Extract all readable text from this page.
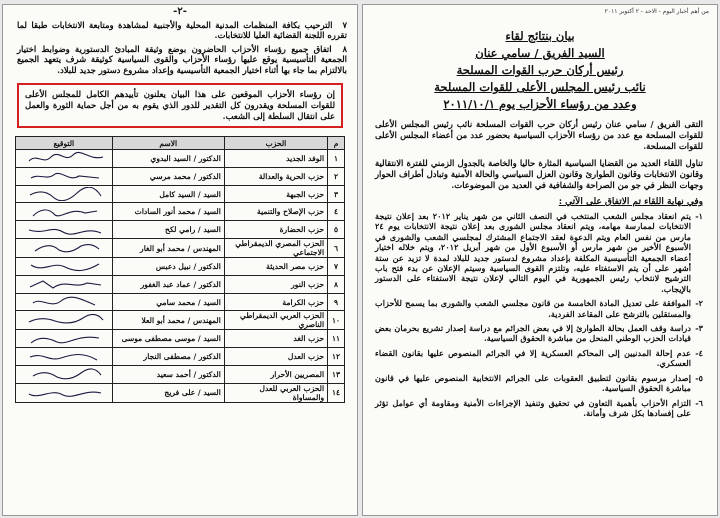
-٢-
٧ الترحيب بكافة المنظمات المدنية المحلية والأجنبية لمشاهدة ومتابعة الانتخابات طبقا لما تقرره اللجنة القضائية العليا للانتخابات.
٨ اتفاق جميع رؤساء الأحزاب الحاضرون بوضع وثيقة المبادئ الدستورية وضوابط اختيار الجمعية التأسيسية يوقع عليها رؤساء الأحزاب والقوى السياسية كوثيقة شرف يتعهد الجميع بالالتزام بما جاء بها أثناء اختيار الجمعية التأسيسية وإعداد مشروع دستور جديد للبلاد.
إن رؤساء الأحزاب الموقعين على هذا البيان يعلنون تأييدهم الكامل للمجلس الأعلى للقوات المسلحة ويقدرون كل التقدير للدور الذي يقوم به من أجل حماية الثورة والعمل على انتقال السلطة إلى الشعب.
م	الحزب	الاسم	التوقيع
١	الوفد الجديد	الدكتور / السيد البدوي	

٢	حزب الحرية والعدالة	الدكتور / محمد مرسي	

٣	حزب الجبهة	السيد / السيد كامل	

٤	حزب الإصلاح والتنمية	السيد / محمد أنور السادات	

٥	حزب الحضارة	السيد / رامي لكح	

٦	الحزب المصري الديمقراطي الاجتماعي	المهندس / محمد أبو الغار	

٧	حزب مصر الحديثة	الدكتور / نبيل دعبس	

٨	حزب النور	الدكتور / عماد عبد الغفور	

٩	حزب الكرامة	السيد / محمد سامي	

١٠	الحزب العربي الديمقراطي الناصري	المهندس / محمد أبو العلا	

١١	حزب الغد	السيد / موسى مصطفى موسى	

١٢	حزب العدل	الدكتور / مصطفى النجار	

١٣	المصريين الأحرار	الدكتور / أحمد سعيد	

١٤	الحزب العربي للعدل والمساواة	السيد / على فريج	
من أهم أخبار اليوم - الاحد - ٢ أكتوبر ٢٠١١
بيان بنتائج لقاء
السيد الفريق / سامي عنان
رئيس أركان حرب القوات المسلحة
نائب رئيس المجلس الأعلى للقوات المسلحة
وعدد من رؤساء الأحزاب يوم ٢٠١١/١٠/١
التقى الفريق / سامي عنان رئيس أركان حرب القوات المسلحة نائب رئيس المجلس الأعلى للقوات المسلحة مع عدد من رؤساء الأحزاب السياسية بحضور عدد من أعضاء المجلس الأعلى للقوات المسلحة.
تناول اللقاء العديد من القضايا السياسية المثارة حاليا والخاصة بالجدول الزمني للفترة الانتقالية وقانون الانتخابات وقانون الطوارئ وقانون العزل السياسي والحالة الأمنية وتبادل أطراف الحوار وجهات النظر في جو من الصراحة والشفافية في العديد من الموضوعات.
وفي نهاية اللقاء تم الاتفاق على الآتي :
١-
يتم انعقاد مجلس الشعب المنتخب في النصف الثاني من شهر يناير ٢٠١٢ بعد إعلان نتيجة الانتخابات لممارسة مهامه، ويتم انعقاد مجلس الشورى بعد إعلان نتيجة الانتخابات يوم ٢٤ مارس من نفس العام ويتم الدعوة لعقد الاجتماع المشترك لمجلسي الشعب والشورى في الأسبوع الأخير من شهر مارس أو الأسبوع الأول من شهر أبريل ٢٠١٢، ويتم خلاله اختيار أعضاء الجمعية التأسيسية المكلفة بإعداد مشروع لدستور جديد للبلاد لمدة لا تزيد عن ستة أشهر على أن يتم الاستفتاء عليه، وتلتزم القوى السياسية وسيتم الإعلان عن بدء فتح باب الترشيح لانتخاب رئيس الجمهورية في اليوم التالي لإعلان نتيجة الاستفتاء على الدستور بالإيجاب.
٢-
الموافقة على تعديل المادة الخامسة من قانون مجلسي الشعب والشورى بما يسمح للأحزاب والمستقلين بالترشح على المقاعد الفردية.
٣-
دراسة وقف العمل بحالة الطوارئ إلا في بعض الجرائم مع دراسة إصدار تشريع بحرمان بعض قيادات الحزب الوطني المنحل من مباشرة الحقوق السياسية.
٤-
عدم إحالة المدنيين إلى المحاكم العسكرية إلا في الجرائم المنصوص عليها بقانون القضاء العسكري.
٥-
إصدار مرسوم بقانون لتطبيق العقوبات على الجرائم الانتخابية المنصوص عليها في قانون مباشرة الحقوق السياسية.
٦-
التزام الأحزاب بأهمية التعاون في تحقيق وتنفيذ الإجراءات الأمنية ومقاومة أي عوامل تؤثر على إفسادها بكل شرف وأمانة.
